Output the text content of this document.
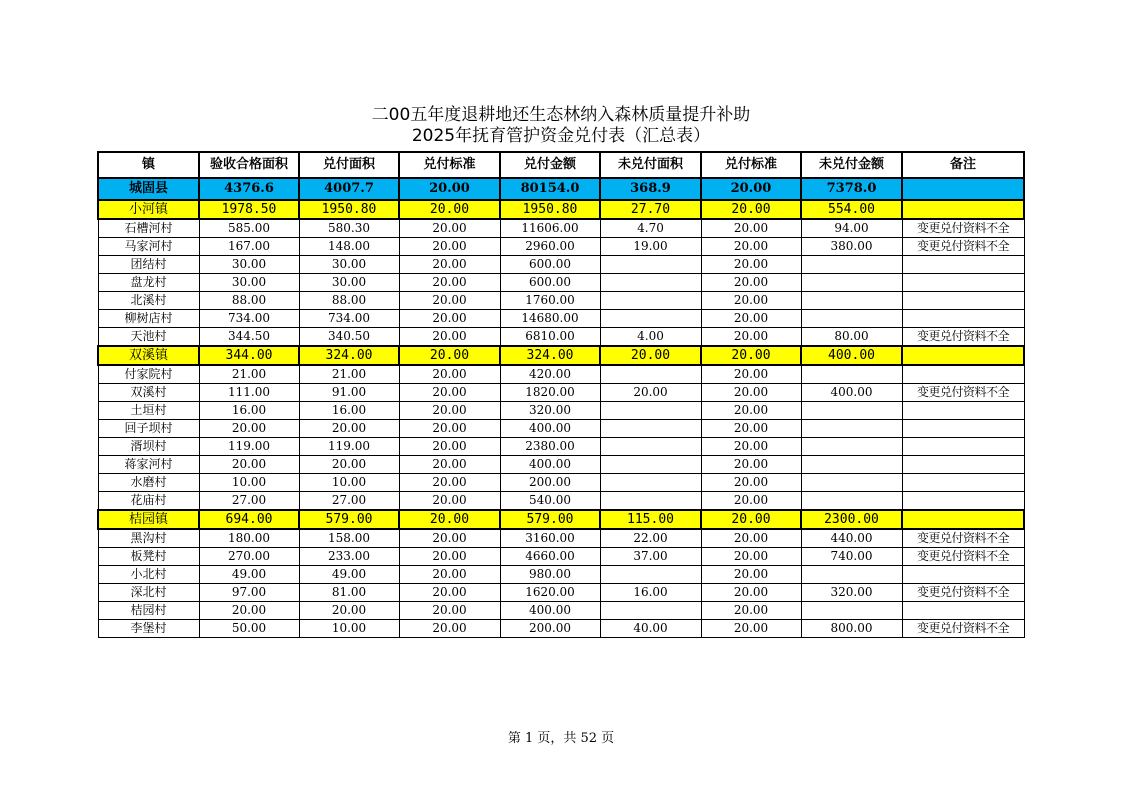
二00五年度退耕地还生态林纳入森林质量提升补助
2025年抚育管护资金兑付表（汇总表）
镇	验收合格面积	兑付面积	兑付标准	兑付金额	未兑付面积	兑付标准	未兑付金额	备注
城固县	4376.6	4007.7	20.00	80154.0	368.9	20.00	7378.0	
小河镇	1978.50	1950.80	20.00	1950.80	27.70	20.00	554.00	
石槽河村	585.00	580.30	20.00	11606.00	4.70	20.00	94.00	变更兑付资料不全
马家河村	167.00	148.00	20.00	2960.00	19.00	20.00	380.00	变更兑付资料不全
团结村	30.00	30.00	20.00	600.00		20.00		
盘龙村	30.00	30.00	20.00	600.00		20.00		
北溪村	88.00	88.00	20.00	1760.00		20.00		
柳树店村	734.00	734.00	20.00	14680.00		20.00		
天池村	344.50	340.50	20.00	6810.00	4.00	20.00	80.00	变更兑付资料不全
双溪镇	344.00	324.00	20.00	324.00	20.00	20.00	400.00	
付家院村	21.00	21.00	20.00	420.00		20.00		
双溪村	111.00	91.00	20.00	1820.00	20.00	20.00	400.00	变更兑付资料不全
土垣村	16.00	16.00	20.00	320.00		20.00		
回子坝村	20.00	20.00	20.00	400.00		20.00		
湑坝村	119.00	119.00	20.00	2380.00		20.00		
蒋家河村	20.00	20.00	20.00	400.00		20.00		
水磨村	10.00	10.00	20.00	200.00		20.00		
花庙村	27.00	27.00	20.00	540.00		20.00		
桔园镇	694.00	579.00	20.00	579.00	115.00	20.00	2300.00	
黑沟村	180.00	158.00	20.00	3160.00	22.00	20.00	440.00	变更兑付资料不全
板凳村	270.00	233.00	20.00	4660.00	37.00	20.00	740.00	变更兑付资料不全
小北村	49.00	49.00	20.00	980.00		20.00		
深北村	97.00	81.00	20.00	1620.00	16.00	20.00	320.00	变更兑付资料不全
桔园村	20.00	20.00	20.00	400.00		20.00		
李堡村	50.00	10.00	20.00	200.00	40.00	20.00	800.00	变更兑付资料不全
第 1 页，共 52 页
